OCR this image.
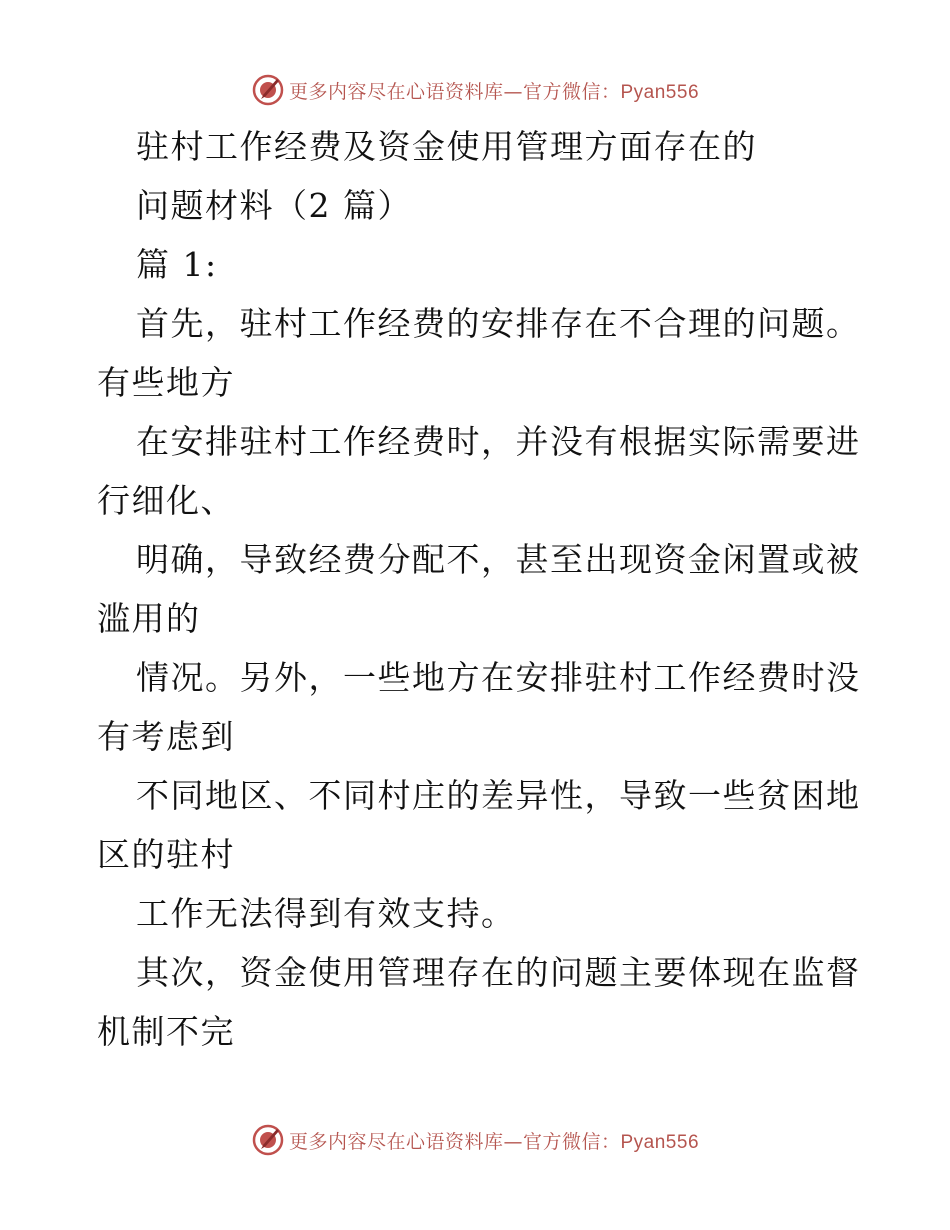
更多内容尽在心语资料库—官方微信：Pyan556
驻村工作经费及资金使用管理方面存在的
问题材料（2 篇）
篇 1:
首先，驻村工作经费的安排存在不合理的问题。
有些地方
在安排驻村工作经费时，并没有根据实际需要进
行细化、
明确，导致经费分配不，甚至出现资金闲置或被
滥用的
情况。另外，一些地方在安排驻村工作经费时没
有考虑到
不同地区、不同村庄的差异性，导致一些贫困地
区的驻村
工作无法得到有效支持。
其次，资金使用管理存在的问题主要体现在监督
机制不完
更多内容尽在心语资料库—官方微信：Pyan556
